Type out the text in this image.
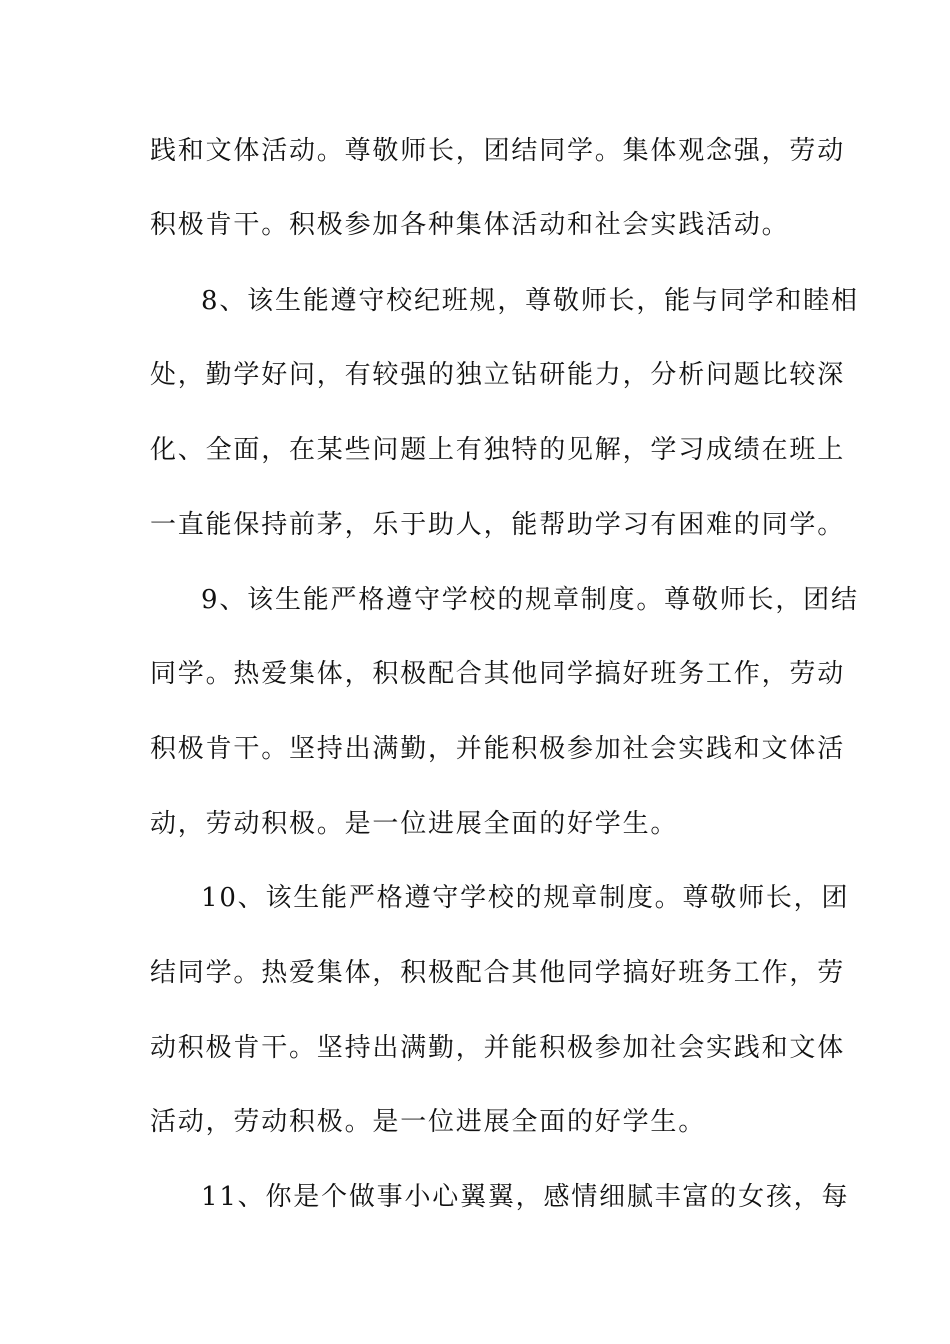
践和文体活动。尊敬师长，团结同学。集体观念强，劳动
积极肯干。积极参加各种集体活动和社会实践活动。
8、该生能遵守校纪班规，尊敬师长，能与同学和睦相
处，勤学好问，有较强的独立钻研能力，分析问题比较深
化、全面，在某些问题上有独特的见解，学习成绩在班上
一直能保持前茅，乐于助人，能帮助学习有困难的同学。
9、该生能严格遵守学校的规章制度。尊敬师长，团结
同学。热爱集体，积极配合其他同学搞好班务工作，劳动
积极肯干。坚持出满勤，并能积极参加社会实践和文体活
动，劳动积极。是一位进展全面的好学生。
10、该生能严格遵守学校的规章制度。尊敬师长，团
结同学。热爱集体，积极配合其他同学搞好班务工作，劳
动积极肯干。坚持出满勤，并能积极参加社会实践和文体
活动，劳动积极。是一位进展全面的好学生。
11、你是个做事小心翼翼，感情细腻丰富的女孩，每
